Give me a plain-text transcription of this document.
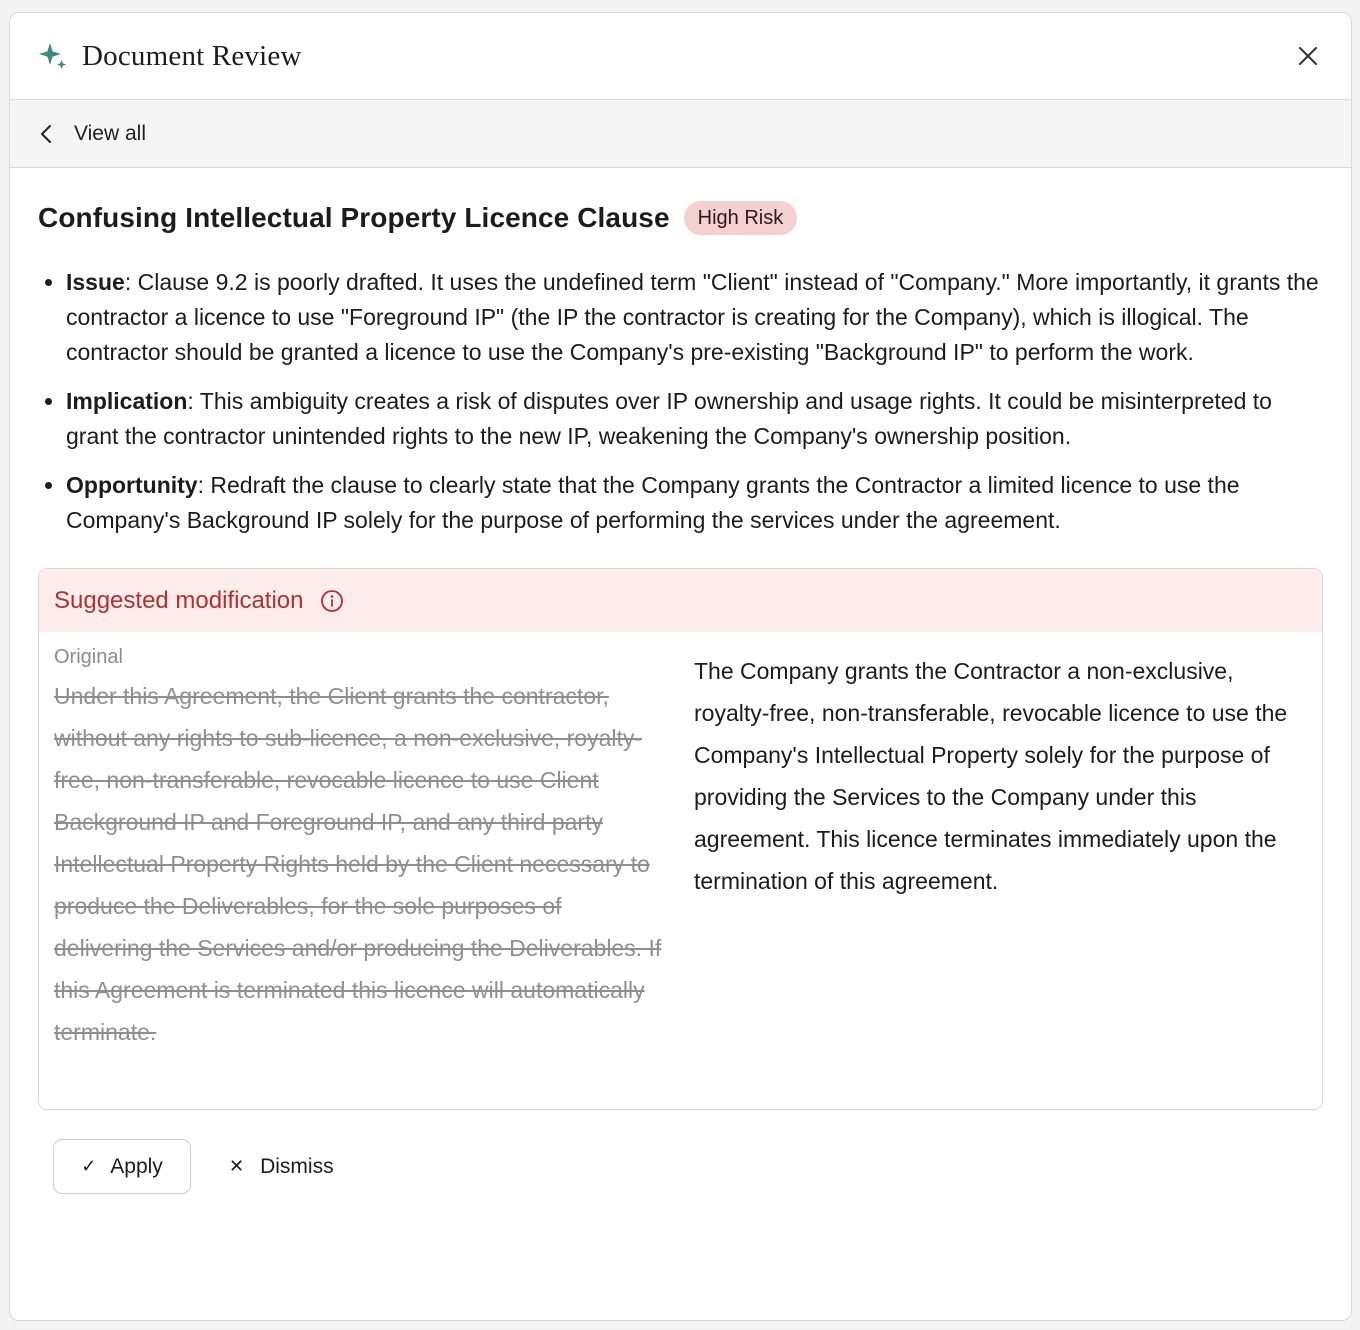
Document Review
View all
Confusing Intellectual Property Licence Clause	High Risk
• Issue: Clause 9.2 is poorly drafted. It uses the undefined term "Client" instead of "Company." More importantly, it grants the contractor a licence to use "Foreground IP" (the IP the contractor is creating for the Company), which is illogical. The contractor should be granted a licence to use the Company's pre-existing "Background IP" to perform the work.
• Implication: This ambiguity creates a risk of disputes over IP ownership and usage rights. It could be misinterpreted to grant the contractor unintended rights to the new IP, weakening the Company's ownership position.
• Opportunity: Redraft the clause to clearly state that the Company grants the Contractor a limited licence to use the Company's Background IP solely for the purpose of performing the services under the agreement.
Suggested modification
Original
Under this Agreement, the Client grants the contractor, without any rights to sub-licence, a non-exclusive, royalty-free, non-transferable, revocable licence to use Client Background IP and Foreground IP, and any third party Intellectual Property Rights held by the Client necessary to produce the Deliverables, for the sole purposes of delivering the Services and/or producing the Deliverables. If this Agreement is terminated this licence will automatically terminate.
The Company grants the Contractor a non-exclusive, royalty-free, non-transferable, revocable licence to use the Company's Intellectual Property solely for the purpose of providing the Services to the Company under this agreement. This licence terminates immediately upon the termination of this agreement.
✓ Apply	✕ Dismiss
